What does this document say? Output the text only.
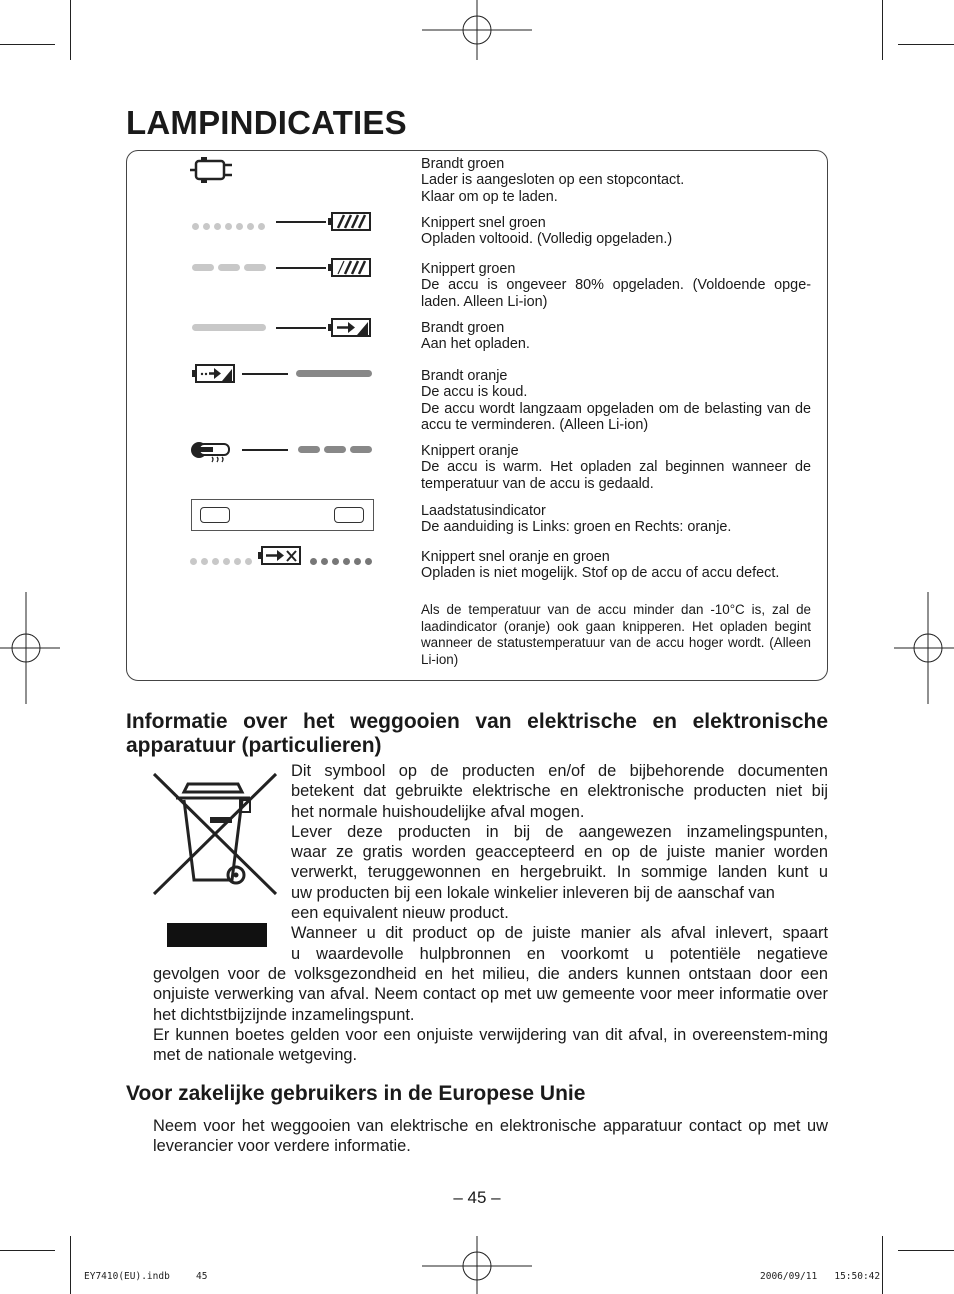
LAMPINDICATIES
Brandt groen
Lader is aangesloten op een stopcontact.
Klaar om op te laden.
Knippert snel groen
Opladen voltooid. (Volledig opgeladen.)
Knippert groen
De accu is ongeveer 80% opgeladen. (Voldoende opge-laden. Alleen Li-ion)
Brandt groen
Aan het opladen.
Brandt oranje
De accu is koud.
De accu wordt langzaam opgeladen om de belasting van de accu te verminderen. (Alleen Li-ion)
Knippert oranje
De accu is warm. Het opladen zal beginnen wanneer de temperatuur van de accu is gedaald.
Laadstatusindicator
De aanduiding is Links: groen en Rechts: oranje.
Knippert snel oranje en groen
Opladen is niet mogelijk. Stof op de accu of accu defect.
Als de temperatuur van de accu minder dan -10°C is, zal de laadindicator (oranje) ook gaan knipperen. Het opladen begint wanneer de statustemperatuur van de accu hoger wordt. (Alleen Li-ion)
Informatie over het weggooien van elektrische en elektronische apparatuur (particulieren)
Dit symbool op de producten en/of de bijbehorende documenten
betekent dat gebruikte elektrische en elektronische producten niet bij
het normale huishoudelijke afval mogen.
Lever deze producten in bij de aangewezen inzamelingspunten,
waar ze gratis worden geaccepteerd en op de juiste manier worden
verwerkt, teruggewonnen en hergebruikt. In sommige landen kunt u
uw producten bij een lokale winkelier inleveren bij de aanschaf van
een equivalent nieuw product.
Wanneer u dit product op de juiste manier als afval inlevert, spaart
u waardevolle hulpbronnen en voorkomt u potentiële negatieve
gevolgen voor de volksgezondheid en het milieu, die anders kunnen ontstaan door een onjuiste verwerking van afval. Neem contact op met uw gemeente voor meer informatie over het dichtstbijzijnde inzamelingspunt.
Er kunnen boetes gelden voor een onjuiste verwijdering van dit afval, in overeenstem-ming met de nationale wetgeving.
Voor zakelijke gebruikers in de Europese Unie
Neem voor het weggooien van elektrische en elektronische apparatuur contact op met uw leverancier voor verdere informatie.
– 45 –
EY7410(EU).indb	45	2006/09/11   15:50:42
